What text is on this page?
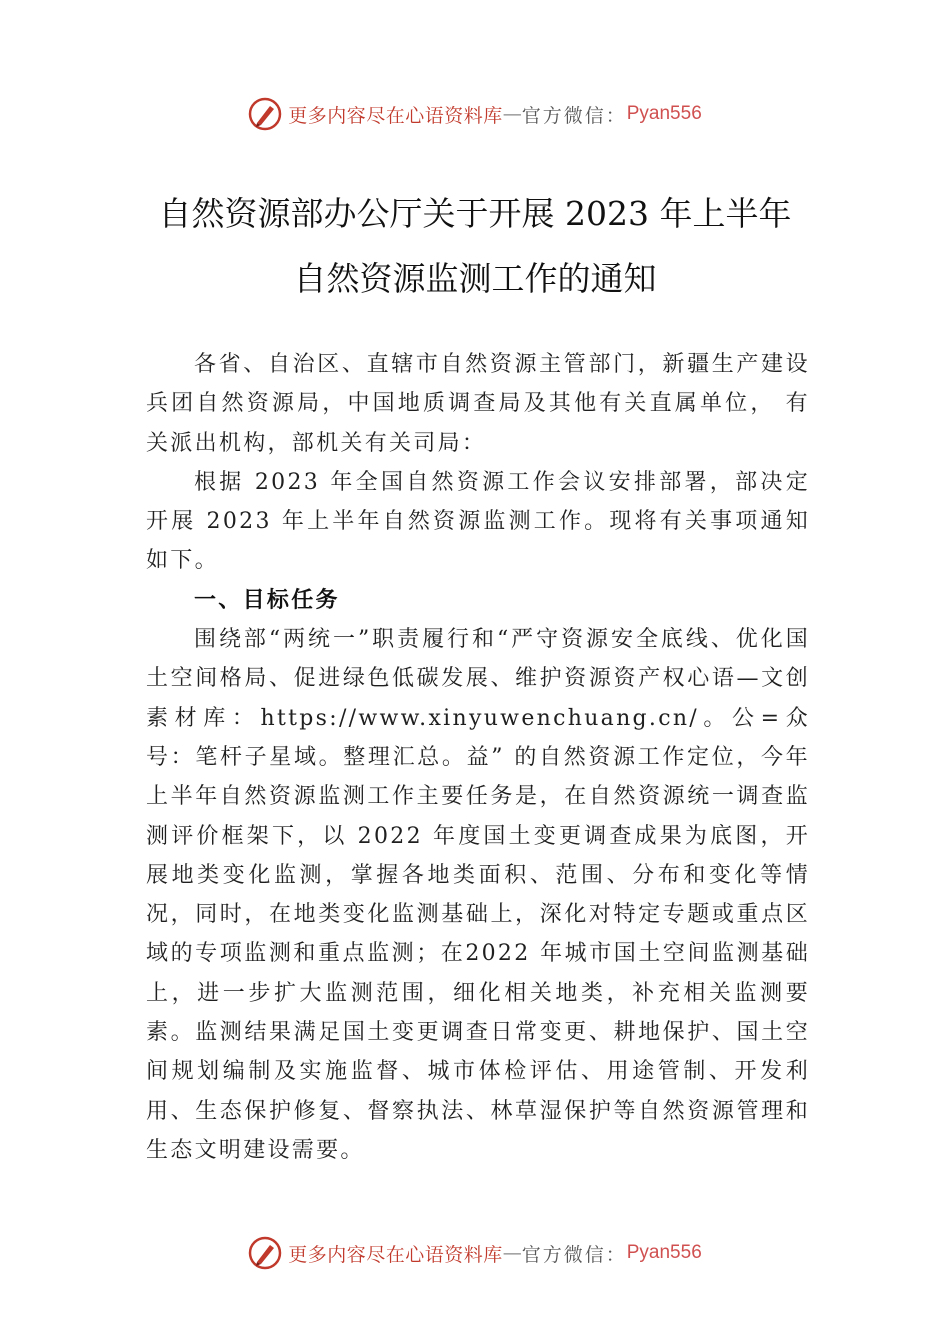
更多内容尽在心语资料库 — 官方微信： Pyan556
自然资源部办公厅关于开展 2023 年上半年
自然资源监测工作的通知

各省、自治区、直辖市自然资源主管部门，新疆生产建设兵团自然资源局，中国地质调查局及其他有关直属单位， 有关派出机构，部机关有关司局：

根据 2023 年全国自然资源工作会议安排部署，部决定开展 2023 年上半年自然资源监测工作。现将有关事项通知如下。

一、目标任务

围绕部“两统一”职责履行和“严守资源安全底线、优化国土空间格局、促进绿色低碳发展、维护资源资产权心语—文创素材库：https://www.xinyuwenchuang.cn/。公=众号：笔杆子星域。整理汇总。益” 的自然资源工作定位，今年上半年自然资源监测工作主要任务是，在自然资源统一调查监测评价框架下，以 2022 年度国土变更调查成果为底图，开展地类变化监测，掌握各地类面积、范围、分布和变化等情况，同时，在地类变化监测基础上，深化对特定专题或重点区域的专项监测和重点监测；在2022 年城市国土空间监测基础上，进一步扩大监测范围，细化相关地类，补充相关监测要素。监测结果满足国土变更调查日常变更、耕地保护、国土空间规划编制及实施监督、城市体检评估、用途管制、开发利用、生态保护修复、督察执法、林草湿保护等自然资源管理和生态文明建设需要。

更多内容尽在心语资料库 — 官方微信： Pyan556
